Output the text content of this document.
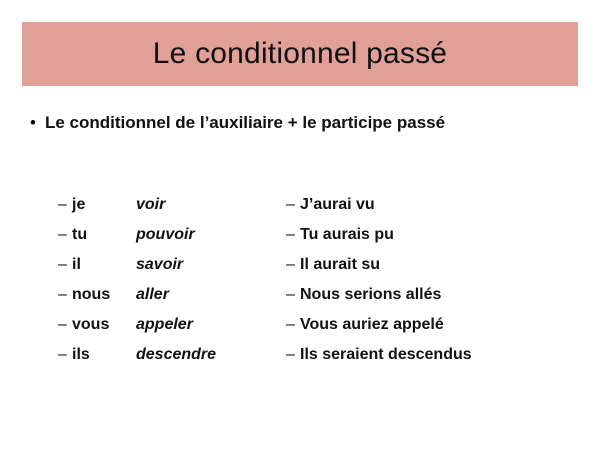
Le conditionnel passé
• Le conditionnel de l’auxiliaire + le participe passé
– je	voir	– J’aurai vu
– tu	pouvoir	– Tu aurais pu
– il	savoir	– Il aurait su
– nous	aller	– Nous serions allés
– vous	appeler	– Vous auriez appelé
– ils	descendre	– Ils seraient descendus
